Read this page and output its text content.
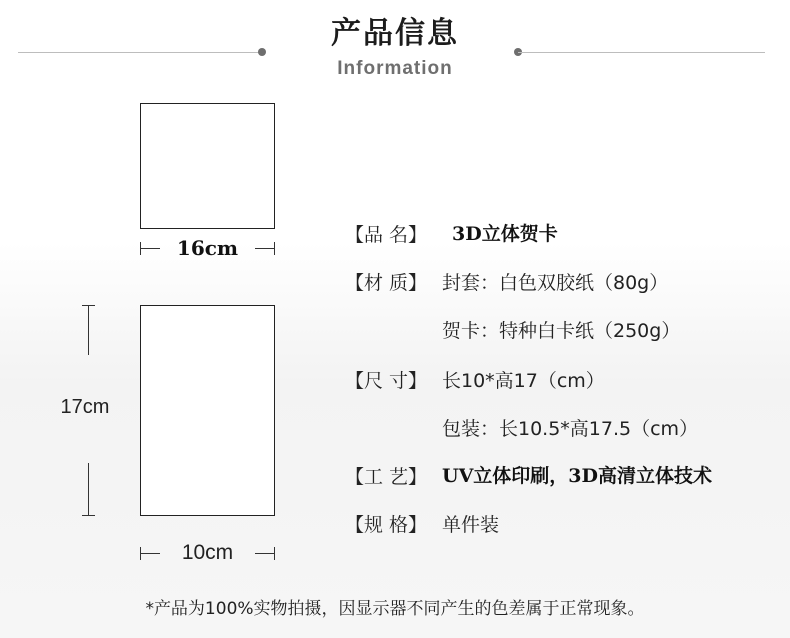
产品信息
Information
16cm
17cm
10cm
【品 名】 3D立体贺卡
【材 质】 封套：白色双胶纸（80g）
贺卡：特种白卡纸（250g）
【尺 寸】 长10*高17（cm）
包装：长10.5*高17.5（cm）
【工 艺】 UV立体印刷，3D高清立体技术
【规 格】 单件装
*产品为100%实物拍摄，因显示器不同产生的色差属于正常现象。
